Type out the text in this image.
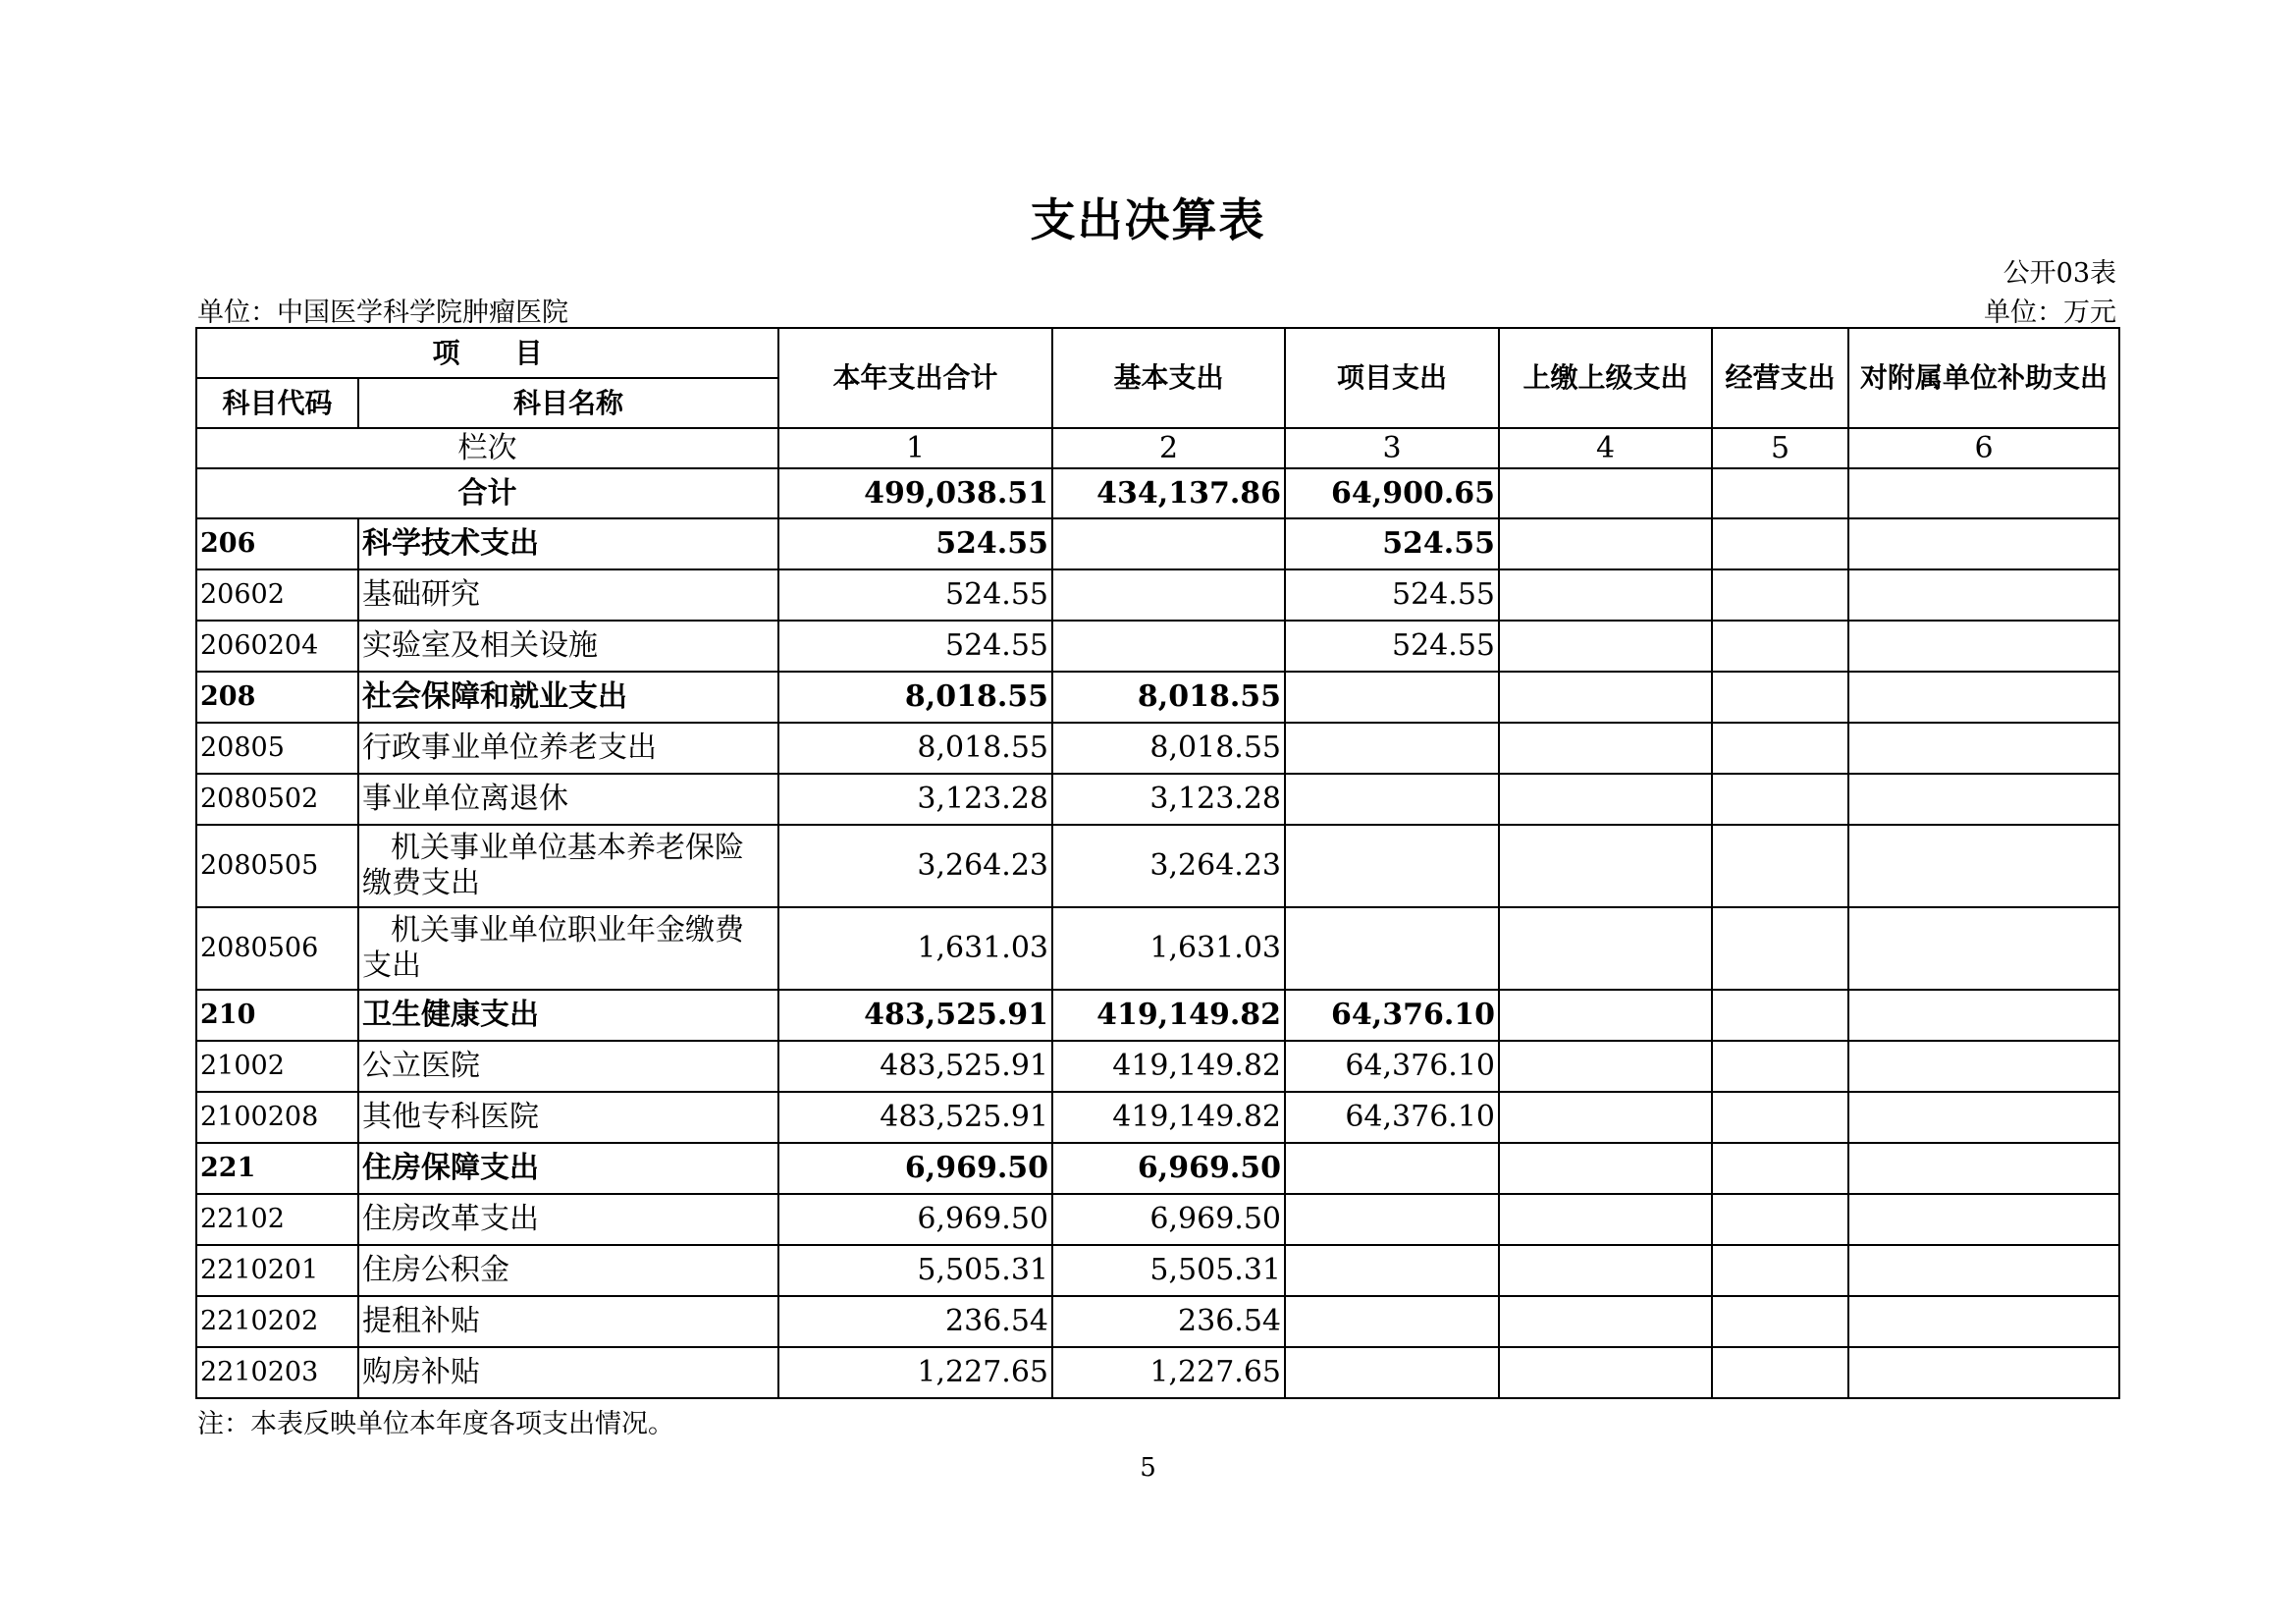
支出决算表
公开03表
单位：中国医学科学院肿瘤医院	单位：万元
项　　目		本年支出合计	基本支出	项目支出	上缴上级支出	经营支出	对附属单位补助支出
科目代码	科目名称						
栏次		1	2	3	4	5	6
合计		499,038.51	434,137.86	64,900.65			
206	科学技术支出	524.55		524.55			
20602	基础研究	524.55		524.55			
2060204	实验室及相关设施	524.55		524.55			
208	社会保障和就业支出	8,018.55	8,018.55				
20805	行政事业单位养老支出	8,018.55	8,018.55				
2080502	事业单位离退休	3,123.28	3,123.28				
2080505	机关事业单位基本养老保险
缴费支出	3,264.23	3,264.23				
2080506	机关事业单位职业年金缴费
支出	1,631.03	1,631.03				
210	卫生健康支出	483,525.91	419,149.82	64,376.10			
21002	公立医院	483,525.91	419,149.82	64,376.10			
2100208	其他专科医院	483,525.91	419,149.82	64,376.10			
221	住房保障支出	6,969.50	6,969.50				
22102	住房改革支出	6,969.50	6,969.50				
2210201	住房公积金	5,505.31	5,505.31				
2210202	提租补贴	236.54	236.54				
2210203	购房补贴	1,227.65	1,227.65				
注：本表反映单位本年度各项支出情况。
5
